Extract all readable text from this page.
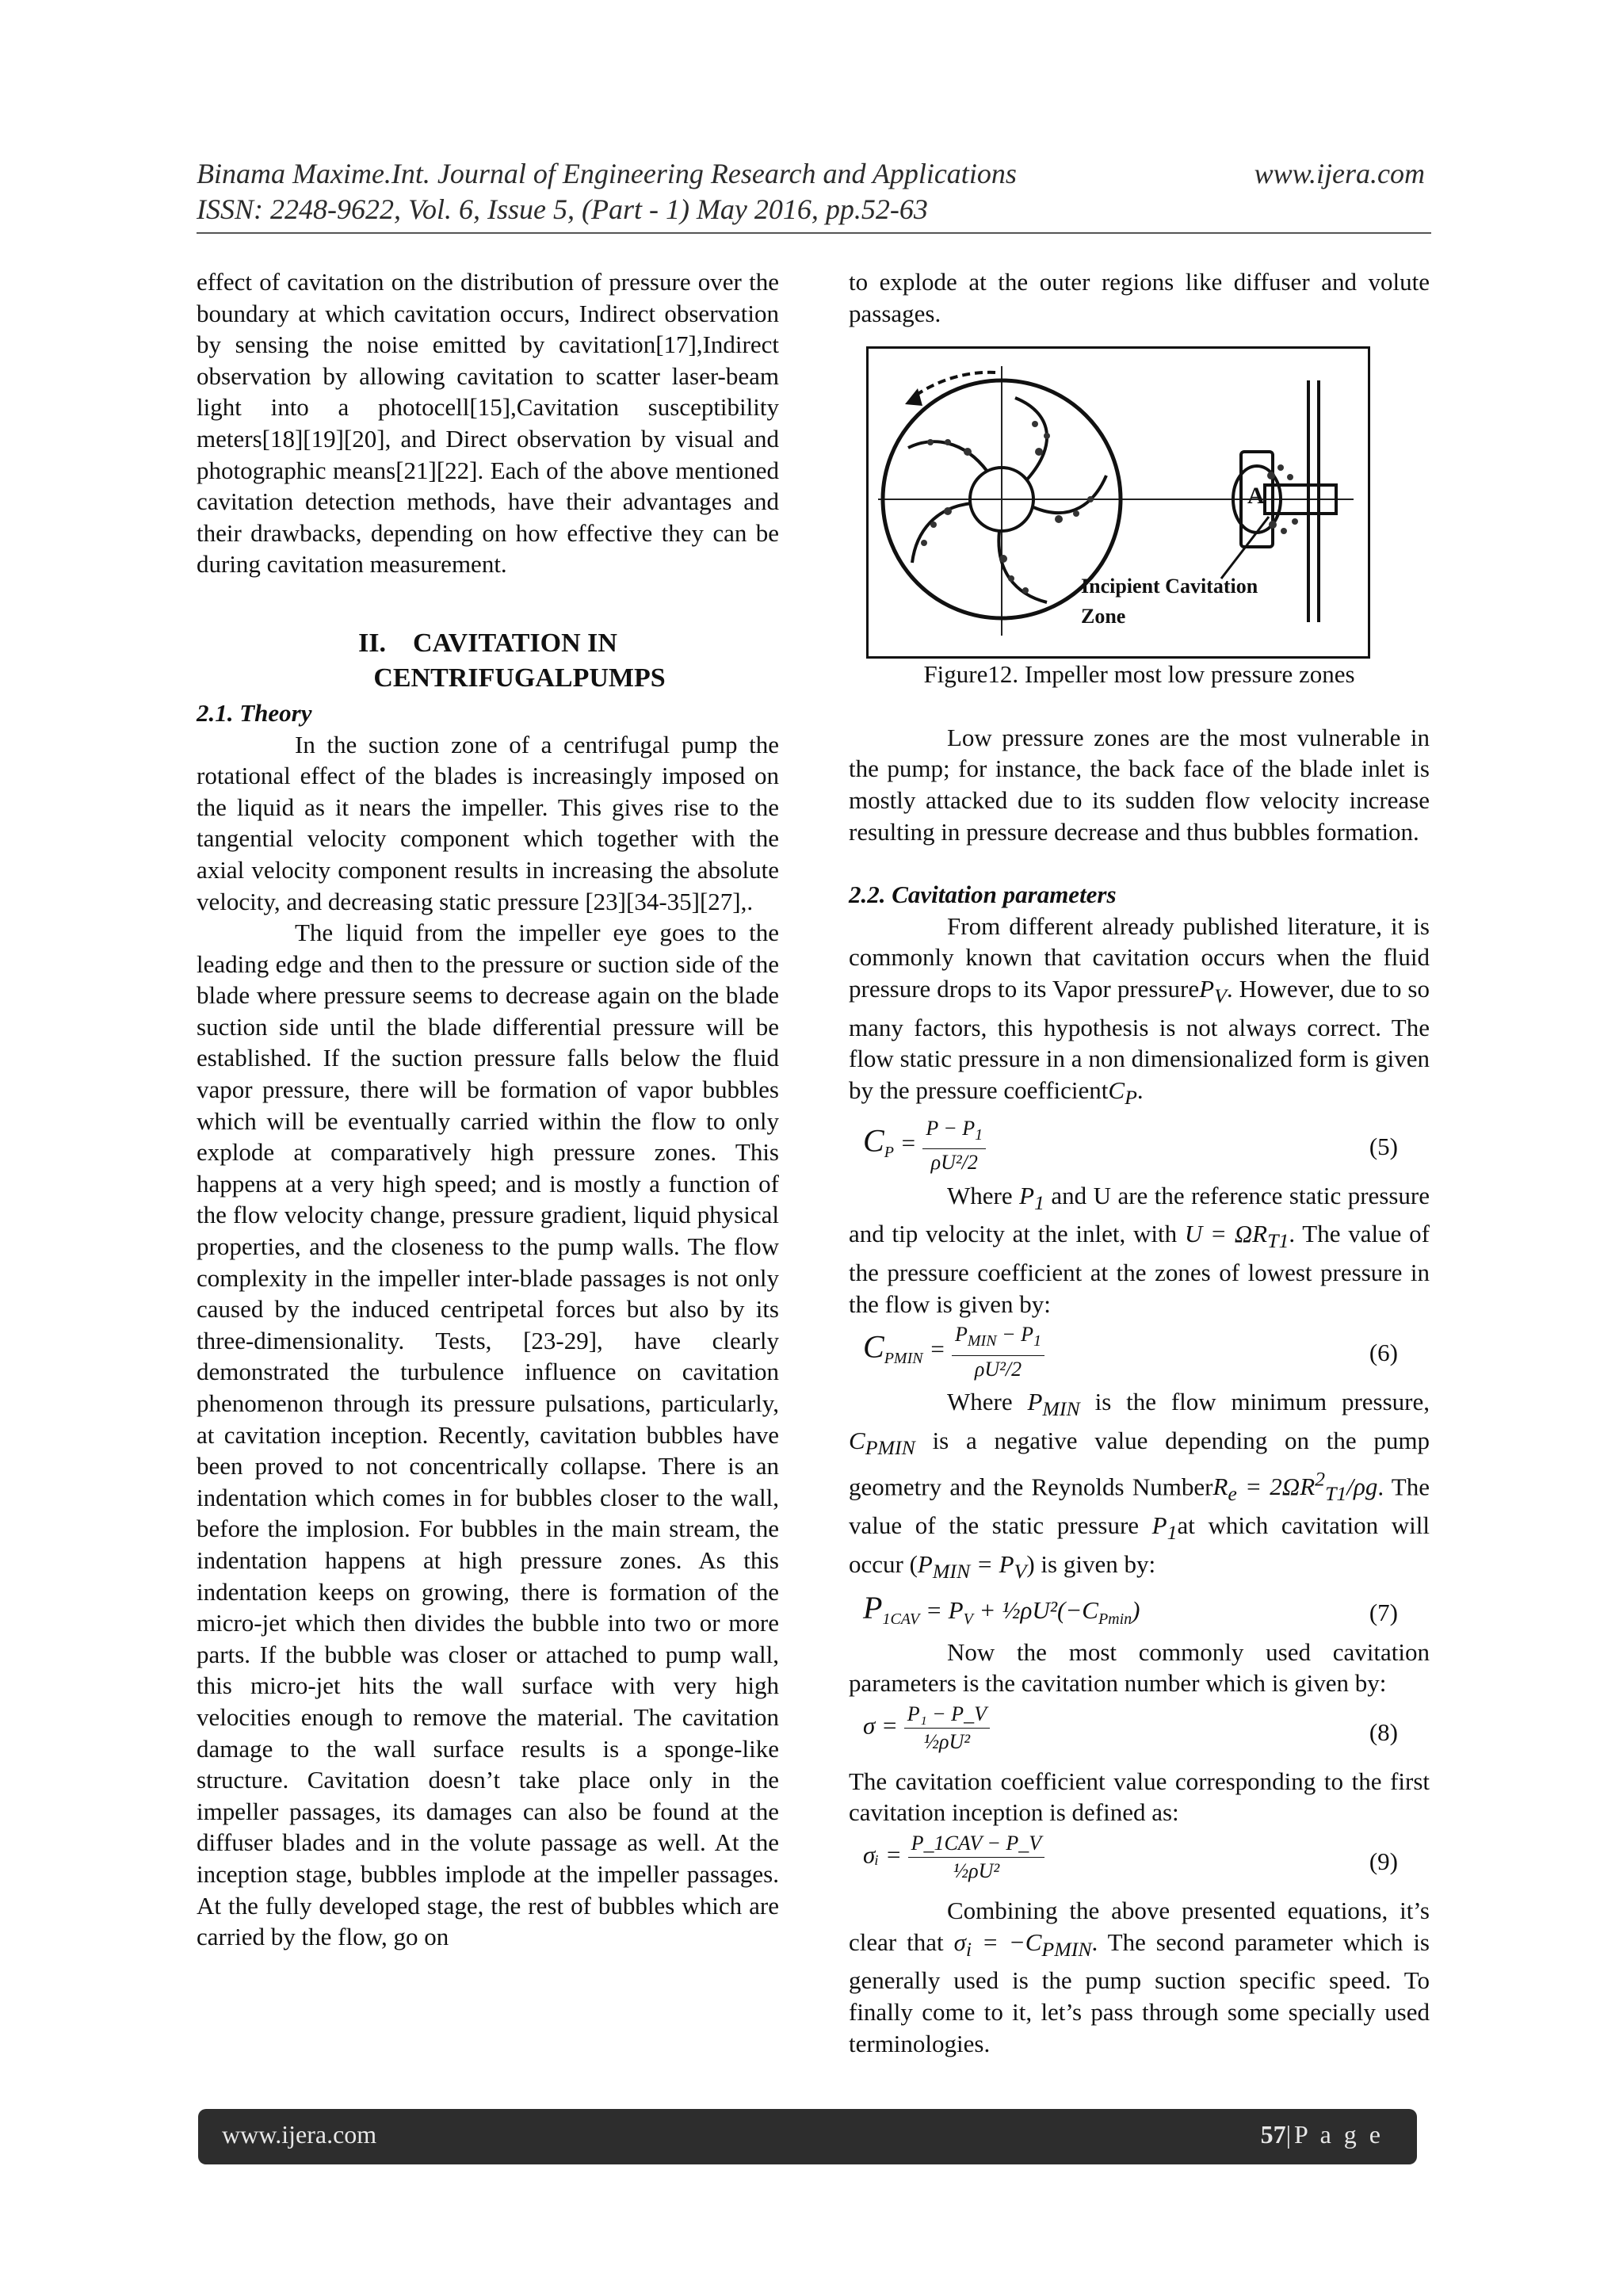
Binama Maxime.Int. Journal of Engineering Research and Applications	www.ijera.com
ISSN: 2248-9622, Vol. 6, Issue 5, (Part - 1) May 2016, pp.52-63

effect of cavitation on the distribution of pressure over the boundary at which cavitation occurs, Indirect observation by sensing the noise emitted by cavitation[17],Indirect observation by allowing cavitation to scatter laser-beam light into a photocell[15],Cavitation susceptibility meters[18][19][20], and Direct observation by visual and photographic means[21][22]. Each of the above mentioned cavitation detection methods, have their advantages and their drawbacks, depending on how effective they can be during cavitation measurement.

II. CAVITATION IN
CENTRIFUGALPUMPS

2.1. Theory

In the suction zone of a centrifugal pump the rotational effect of the blades is increasingly imposed on the liquid as it nears the impeller. This gives rise to the tangential velocity component which together with the axial velocity component results in increasing the absolute velocity, and decreasing static pressure [23][34-35][27],.

The liquid from the impeller eye goes to the leading edge and then to the pressure or suction side of the blade where pressure seems to decrease again on the blade suction side until the blade differential pressure will be established. If the suction pressure falls below the fluid vapor pressure, there will be formation of vapor bubbles which will be eventually carried within the flow to only explode at comparatively high pressure zones. This happens at a very high speed; and is mostly a function of the flow velocity change, pressure gradient, liquid physical properties, and the closeness to the pump walls. The flow complexity in the impeller inter-blade passages is not only caused by the induced centripetal forces but also by its three-dimensionality. Tests, [23-29], have clearly demonstrated the turbulence influence on cavitation phenomenon through its pressure pulsations, particularly, at cavitation inception. Recently, cavitation bubbles have been proved to not concentrically collapse. There is an indentation which comes in for bubbles closer to the wall, before the implosion. For bubbles in the main stream, the indentation happens at high pressure zones. As this indentation keeps on growing, there is formation of the micro-jet which then divides the bubble into two or more parts. If the bubble was closer or attached to pump wall, this micro-jet hits the wall surface with very high velocities enough to remove the material. The cavitation damage to the wall surface results is a sponge-like structure. Cavitation doesn’t take place only in the impeller passages, its damages can also be found at the diffuser blades and in the volute passage as well. At the inception stage, bubbles implode at the impeller passages. At the fully developed stage, the rest of bubbles which are carried by the flow, go on

to explode at the outer regions like diffuser and volute passages.

A
Incipient Cavitation
Zone

Figure12. Impeller most low pressure zones

Low pressure zones are the most vulnerable in the pump; for instance, the back face of the blade inlet is mostly attacked due to its sudden flow velocity increase resulting in pressure decrease and thus bubbles formation.

2.2. Cavitation parameters

From different already published literature, it is commonly known that cavitation occurs when the fluid pressure drops to its Vapor pressureP$_V$. However, due to so many factors, this hypothesis is not always correct. The flow static pressure in a non dimensionalized form is given by the pressure coefficientC$_P$.

$C_P = \frac{P - P_1}{\text{ρU²/2}}$	(5)

Where $P_1$ and U are the reference static pressure and tip velocity at the inlet, with $U = \Omega R_{T1}$. The value of the pressure coefficient at the zones of lowest pressure in the flow is given by:

$C_{PMIN}$ =
$P_{MIN} - P_1$
ρU²/2
(6)

Where $P_{MIN}$ is the flow minimum pressure, $C_{PMIN}$ is a negative value depending on the pump geometry and the Reynolds NumberR$_e$ = $2\Omega R^2_{T1}/\rho g$. The value of the static pressure $P_1at$ which cavitation will occur $(P_{MIN} = P_V)$ is given by:

$P_{1CAV} = P_V$ + $\frac{1}{2}\rho U^2(-C_{Pmin})$	(7)

Now the most commonly used cavitation parameters is the cavitation number which is given by:

$\sigma = \frac{\text{P₁ − P\_V}}{\text{½ρU²}}$	(8)

The cavitation coefficient value corresponding to the first cavitation inception is defined as:

σᵢ = P_1CAV − P_V
½ρU²	(9)

Combining the above presented equations, it’s clear that $\sigma_i = -C_{PMIN}$. The second parameter which is generally used is the pump suction specific speed. To finally come to it, let’s pass through some specially used terminologies.

www.ijera.com	57|P a g e
